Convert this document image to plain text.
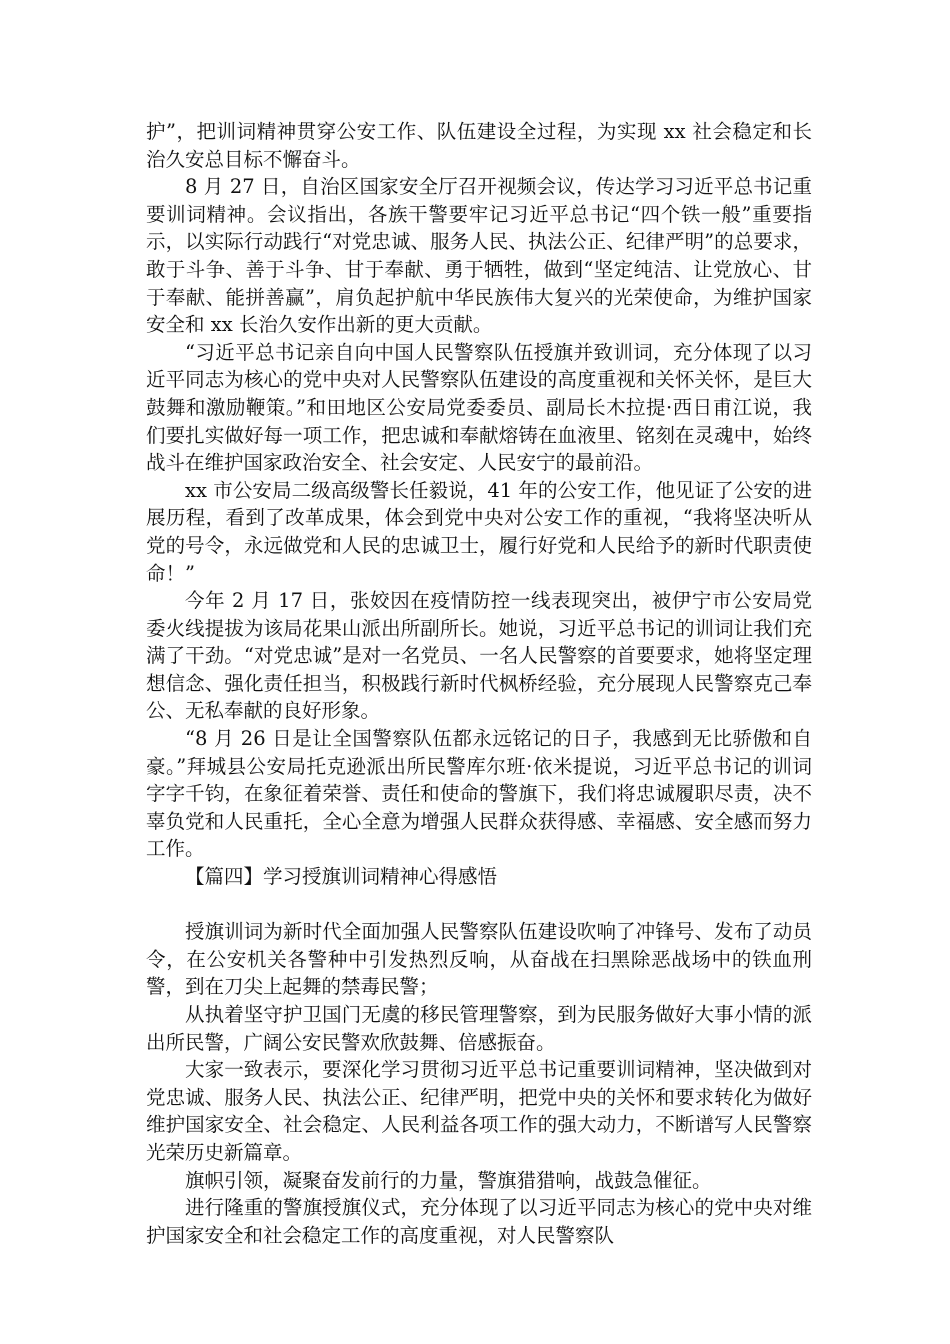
护”，把训词精神贯穿公安工作、队伍建设全过程，为实现 xx 社会稳定和长治久安总目标不懈奋斗。

8 月 27 日，自治区国家安全厅召开视频会议，传达学习习近平总书记重要训词精神。会议指出，各族干警要牢记习近平总书记“四个铁一般”重要指示，以实际行动践行“对党忠诚、服务人民、执法公正、纪律严明”的总要求，敢于斗争、善于斗争、甘于奉献、勇于牺牲，做到“坚定纯洁、让党放心、甘于奉献、能拼善赢”，肩负起护航中华民族伟大复兴的光荣使命，为维护国家安全和 xx 长治久安作出新的更大贡献。

“习近平总书记亲自向中国人民警察队伍授旗并致训词，充分体现了以习近平同志为核心的党中央对人民警察队伍建设的高度重视和关怀关怀，是巨大鼓舞和激励鞭策。”和田地区公安局党委委员、副局长木拉提·西日甫江说，我们要扎实做好每一项工作，把忠诚和奉献熔铸在血液里、铭刻在灵魂中，始终战斗在维护国家政治安全、社会安定、人民安宁的最前沿。

xx 市公安局二级高级警长任毅说，41 年的公安工作，他见证了公安的进展历程，看到了改革成果，体会到党中央对公安工作的重视，“我将坚决听从党的号令，永远做党和人民的忠诚卫士，履行好党和人民给予的新时代职责使命！”

今年 2 月 17 日，张姣因在疫情防控一线表现突出，被伊宁市公安局党委火线提拔为该局花果山派出所副所长。她说，习近平总书记的训词让我们充满了干劲。“对党忠诚”是对一名党员、一名人民警察的首要要求，她将坚定理想信念、强化责任担当，积极践行新时代枫桥经验，充分展现人民警察克己奉公、无私奉献的良好形象。

“8 月 26 日是让全国警察队伍都永远铭记的日子，我感到无比骄傲和自豪。”拜城县公安局托克逊派出所民警库尔班·依米提说，习近平总书记的训词字字千钧，在象征着荣誉、责任和使命的警旗下，我们将忠诚履职尽责，决不辜负党和人民重托，全心全意为增强人民群众获得感、幸福感、安全感而努力工作。

【篇四】学习授旗训词精神心得感悟

授旗训词为新时代全面加强人民警察队伍建设吹响了冲锋号、发布了动员令，在公安机关各警种中引发热烈反响，从奋战在扫黑除恶战场中的铁血刑警，到在刀尖上起舞的禁毒民警；

从执着坚守护卫国门无虞的移民管理警察，到为民服务做好大事小情的派出所民警，广阔公安民警欢欣鼓舞、倍感振奋。

大家一致表示，要深化学习贯彻习近平总书记重要训词精神，坚决做到对党忠诚、服务人民、执法公正、纪律严明，把党中央的关怀和要求转化为做好维护国家安全、社会稳定、人民利益各项工作的强大动力，不断谱写人民警察光荣历史新篇章。

旗帜引领，凝聚奋发前行的力量，警旗猎猎响，战鼓急催征。

进行隆重的警旗授旗仪式，充分体现了以习近平同志为核心的党中央对维护国家安全和社会稳定工作的高度重视，对人民警察队
